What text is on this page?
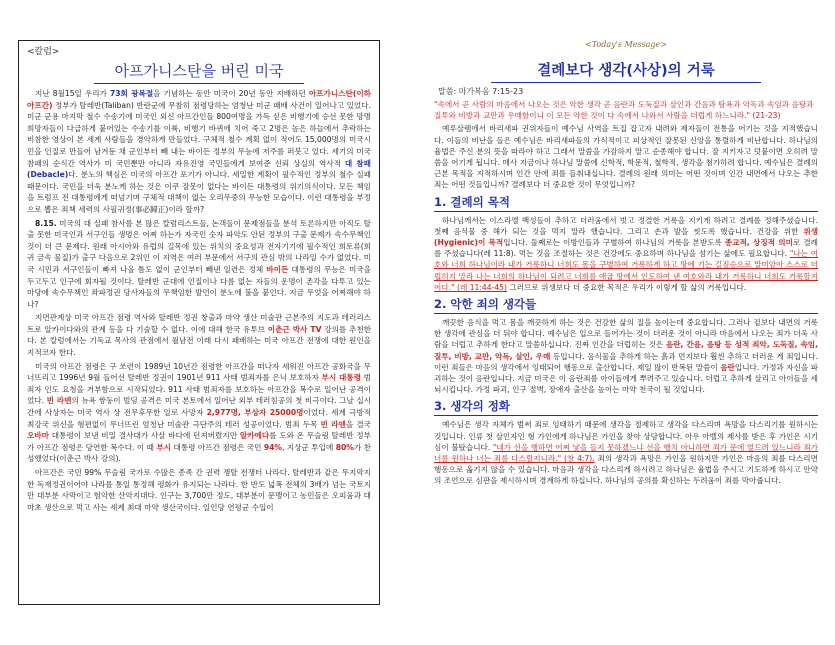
<칼럼>
아프가니스탄을 버린 미국

지난 8월15일 우리가 73회 광복절을 기념하는 동안 미국이 20년 동안 지배하던 아프가니스탄(이하 아프간) 정부가 탈레반(Taliban) 반란군에 무참히 점령당하는 엄청난 미군 패배 사건이 일어나고 있었다. 미군 군용 마지막 철수 수송기에 미국인 외신 아프간인들 800여명을 가득 싣은 비행기에 승선 못한 망명 희망자들이 다급하게 붙어있는 수송기를 이륙, 비행기 바퀴에 치어 죽고 2명은 높은 하늘에서 추락하는 비참한 영상이 본 세계 사람들을 경악하게 만들었다. 구체적 철수 계획 없이 적어도 15,000명의 미국시민을 인질로 만들어 남겨둔 채 군인부터 빼 내는 바이든 정부의 무능에 저주를 퍼붓고 있다. 세기의 미국 참패의 순식간 역사가 미 국민뿐만 아니라 자유진영 국민들에게 보여준 신뢰 상실의 역사적 대 참패(Debacle)다. 분노의 핵심은 미국의 아프간 포기가 아니다. 세밀한 계획이 필수적인 정부의 철수 실패 때문이다. 국민을 더욱 분노케 하는 것은 이쿠 잘못이 없다는 바이든 대통령의 위기의식이다. 모든 책임을 트럼프 전 대통령에게 떠넘기며 구체적 대책이 없는 오리무중의 무능한 모습이다. 이런 대통령을 부정으로 뽑은 죄책 세력의 사필귀정(事必歸正)이라 할까?

8.15. 미국의 대 실패 참사를 본 많은 칼럼리스트들, 논객들이 문제점들을 분석 토론하지만 아직도 탈출 못한 미국인과 서구인들 생명은 어찌 하는가 자국민 숫자 파악도 안된 정부의 구출 문제가 속수무책인 것이 더 큰 문제다. 원래 아시아와 유럽의 길목에 있는 위치의 중요성과 전자기기에 필수적인 희토류(희귀 금속 물질)가 출구 다음으로 2위인 이 지역은 여러 부문에서 서구의 관심 밖의 나라일 수가 없었다. 미국 시민과 서구인들이 빠져 나올 틈도 없이 군인부터 빼낸 일련은 정체 바이든 대통령의 무능은 미국을 두고두고 인구에 회자될 것이다. 탈레반 군대에 인질이나 다름 없는 자들의 운명이 촌각을 다투고 있는 마당에 속수무책인 좌파정권 당사자들의 무책임한 발언이 분노에 불을 붙인다. 지금 무엇을 어찌해야 하나?

지면관계상 미국 아프간 점령 역사와 탈레반 정권 창출과 마약 생산 미술관 근본주의 지도과 테러리스트로 알카이다와의 관계 등을 다 기술할 수 없다. 이에 대해 한국 유투브 이춘근 박사 TV 강의를 추천한다. 본 칼럼에서는 기독교 목사의 관점에서 월남전 이래 다시 패배하는 미국 아프간 전쟁에 대한 원인을 지적코자 한다.

미국의 아프간 점령은 구 쏘련이 1989년 10년간 점령한 아프간을 떠나자 세워진 아프간 공화국을 무너뜨리고 1996년 9월 들어선 탈레반 정권이 1901년 911 사태 범죄자를 은닉 보호하자 부시 대통령 범죄자 인도 요청을 거부함으로 시작되었다. 911 사태 범죄자를 보호하는 아프간을 복수로 일어난 공격이었다. 빈 라덴의 뉴욕 쌍둥이 빌딩 공격은 미국 본토에서 일어난 외부 테러침공의 첫 비극이다. 그날 십시간에 사상자는 미국 역사 상 전무후무한 일로 사망자 2,977명, 부상자 25000명이었다. 세계 극방적 최강국 위신을 형편없이 무너뜨린 엄청난 미술관 극단주의 테러 성공이었다. 범죄 두목 빈 라덴을 결국 오바마 대통령이 보낸 비밀 결사대가 사살 바다에 던져버렸지만 알카에다를 도와 온 무슬림 탈레반 정부가 아프간 점령은 당연한 복수다. 이 때 부시 대통령 아프간 점령은 국민 94%, 지상군 투입에 80%가 찬성했었다(이춘근 박사 강의).

아프간은 국민 99% 무슬림 국가로 수많은 종족 간 권력 쟁탈 전쟁터 나라다. 탈레반과 같은 무지막지한 독재정권이어야 나라를 통일 통정해 평화가 유지되는 나라다. 한 반도 넓폭 전체의 3배가 넘는 국토지만 대부분 사막이고 험악한 산악지대다. 인구는 3,700만 정도, 대부분이 문맹이고 농민들은 오피움과 대마초 생산으로 먹고 사는 세계 최대 마약 생산국이다. 일인당 연평균 수입이

<Today's Message>
결례보다 생각(사상)의 거룩
말씀: 마가복음 7:15-23
"속에서 곧 사람의 마음에서 나오는 것은 악한 생각 곧 음란과 도둑질과 살인과 간음과 탐욕과 악독과 속임과 음탕과 질투와 비방과 교만과 우매함이니 이 모든 악한 것이 다 속에서 나와서 사람을 더럽게 하느니라." (21-23)

예루살렘에서 바리새파 권위자들이 예수님 사역을 트집 잡고자 내려와 제자들이 전통을 어기는 것을 지적했습니다. 이들의 비난을 들은 예수님은 바리새파들의 가식적이고 피상적인 잘못된 신앙을 통렬하게 비난합니다. 하나님의 율법은 주신 분의 뜻을 따라야 하고 그래서 말씀을 가감하지 말고 순종해야 합니다. 잘 지키자고 덧붙이면 오히려 말씀을 어기게 됩니다. 매사 지금이나 하나님 말씀에 신학적, 학문적, 철학적, 생각을 첨가하려 합니다. 예수님은 결례의 근본 목적을 지적하시며 인간 안에 죄를 들춰내십니다. 결례의 원래 의미는 어떤 것이며 인간 내면에서 나오는 추한 죄는 어떤 것들입니까? 결례보다 더 중요한 것이 무엇입니까?

1. 결례의 목적

하나님께서는 이스라엘 백성들이 추하고 더러움에서 벗고 정결한 거룩을 지키게 하려고 결례를 정해주셨습니다. 첫째 음식물 중 해가 되는 것을 먹지 말라 했습니다. 그리고 손과 발을 씻도록 했습니다. 건강을 위한 위생(Hygienic)이 목적입니다. 둘째로는 이방인들과 구별하여 하나님의 거룩을 본받도록 종교적, 상징적 의미로 결례를 주셨습니다(레 11:8). 먹는 것을 조절하는 것은 건강에도 중요하며 하나님을 섬기는 삶에도 필요합니다. "나는 여호와 너희 하나님이라 내가 거룩하니 너희도 몸을 구별하여 거룩하게 하고 땅에 기는 길짐승으로 말미암아 스스로 더럽히지 말라 나는 너희의 하나님이 되려고 너희를 애굽 땅에서 인도하여 낸 여호와라 내가 거룩하니 너희도 거룩할지어다." (레 11:44-45) 그러므로 위생보다 더 중요한 목적은 우리가 이렇게 할 삶의 거룩입니다.

2. 악한 죄의 생각들

깨끗한 음식을 먹고 몸을 깨끗하게 하는 것은 건강한 삶의 질을 높이는데 중요합니다. 그러나 겉보다 내면의 거룩한 생각에 관심을 더 둬야 합니다. 예수님은 입으로 들어가는 것이 더러운 것이 아니라 마음에서 나오는 죄가 더욱 사람을 더럽고 추하게 한다고 말씀하십니다. 진짜 인간을 더럽히는 것은 음란, 간음, 음탕 등 성적 죄악, 도둑질, 속임, 질투, 비방, 교만, 악독, 살인, 우매 등입니다. 음식물을 추하게 하는 흙과 먼지보다 훨씬 추하고 더러운 게 죄입니다. 이런 죄들은 마음의 생각에서 잉태되어 행동으로 출산합니다. 제일 많이 반복된 말씀이 음란입니다. 가정과 자신을 파괴하는 것이 음란입니다. 지금 미국은 이 음란죄를 아이들에게 뿌려주고 있습니다. 더럽고 추하게 살리고 아이들을 세뇌시킵니다. 가정 파괴, 인구 절벽, 장애자 출산을 높이는 마약 천국이 될 것입니다.

3. 생각의 정화

예수님은 생각 자체가 벌써 죄로 잉태하기 때문에 생각을 절제하고 생각을 다스리며 욕망을 다스리기를 원하시는 것입니다. 인류 첫 살인자인 형 가인에게 하나님은 가인을 찾아 상담합니다. 아우 아벨의 제사를 받은 후 가인은 시기심이 불탔습니다. "네가 선을 행하면 어찌 낯을 들지 못하겠느냐 선을 행치 아니하면 죄가 문에 엎드려 있느니라 죄가 너를 원하나 너는 죄를 다스릴지니라." (창 4:7). 죄의 생각과 욕망은 가인을 원하지만 가인은 마음의 죄를 다스리면 행동으로 옮기지 않을 수 있습니다. 마음과 생각을 다스리게 하시려고 하나님은 율법을 주시고 기도하게 하시고 안약의 조언으로 심판을 제시하시며 경계하게 하십니다. 하나님의 공의를 확신하는 두려움이 죄를 막아줍니다.
